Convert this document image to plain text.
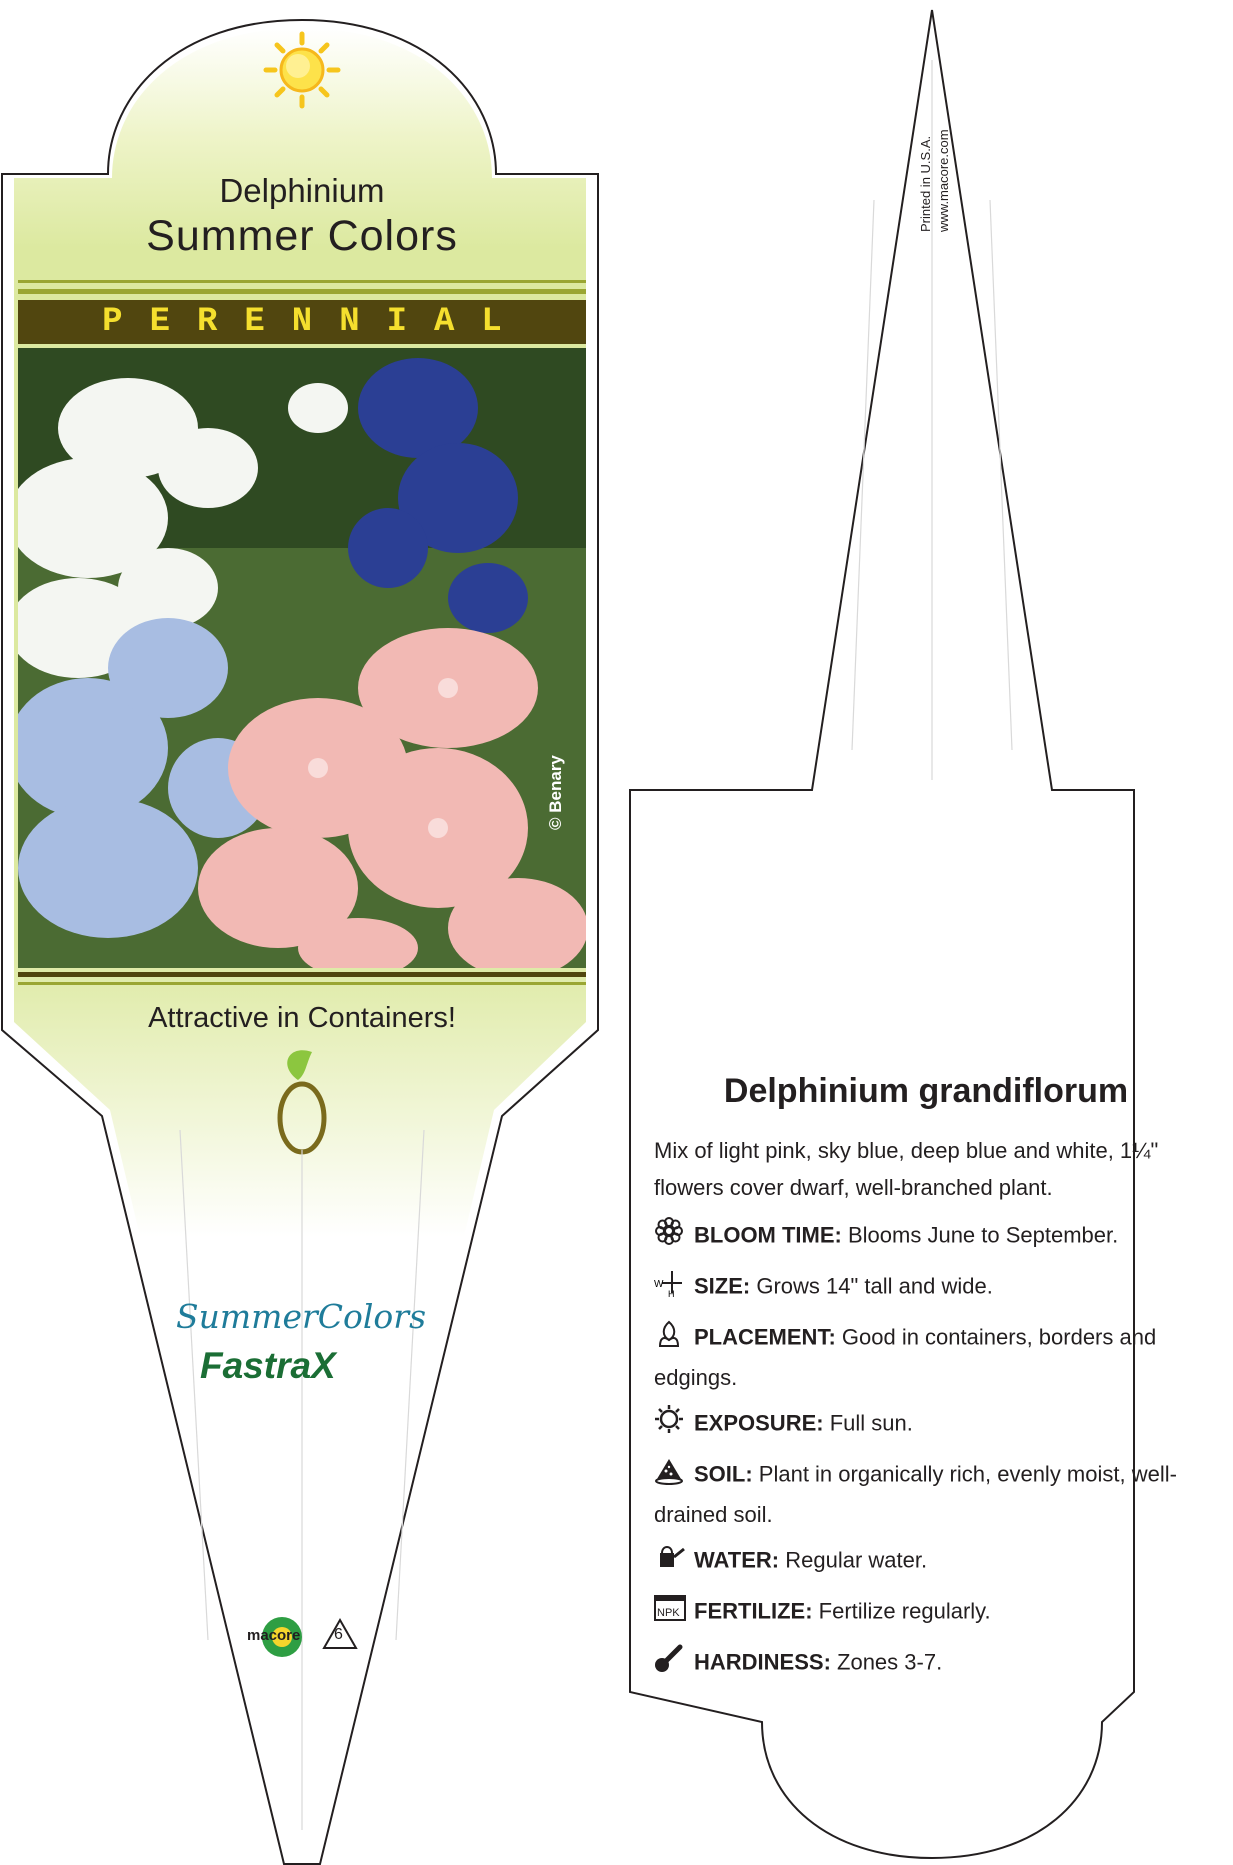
Delphinium
Summer Colors
PERENNIAL
© Benary
Attractive in Containers!
SummerColors
FastraX
macore 6
Printed in U.S.A. www.macore.com
Delphinium grandiflorum
Mix of light pink, sky blue, deep blue and white, 1¼" flowers cover dwarf, well-branched plant.
BLOOM TIME: Blooms June to September.
W
H SIZE: Grows 14" tall and wide.
PLACEMENT: Good in containers, borders and edgings.
EXPOSURE: Full sun.
SOIL: Plant in organically rich, evenly moist, well-drained soil.
WATER: Regular water.
NPK FERTILIZE: Fertilize regularly.
HARDINESS: Zones 3-7.
